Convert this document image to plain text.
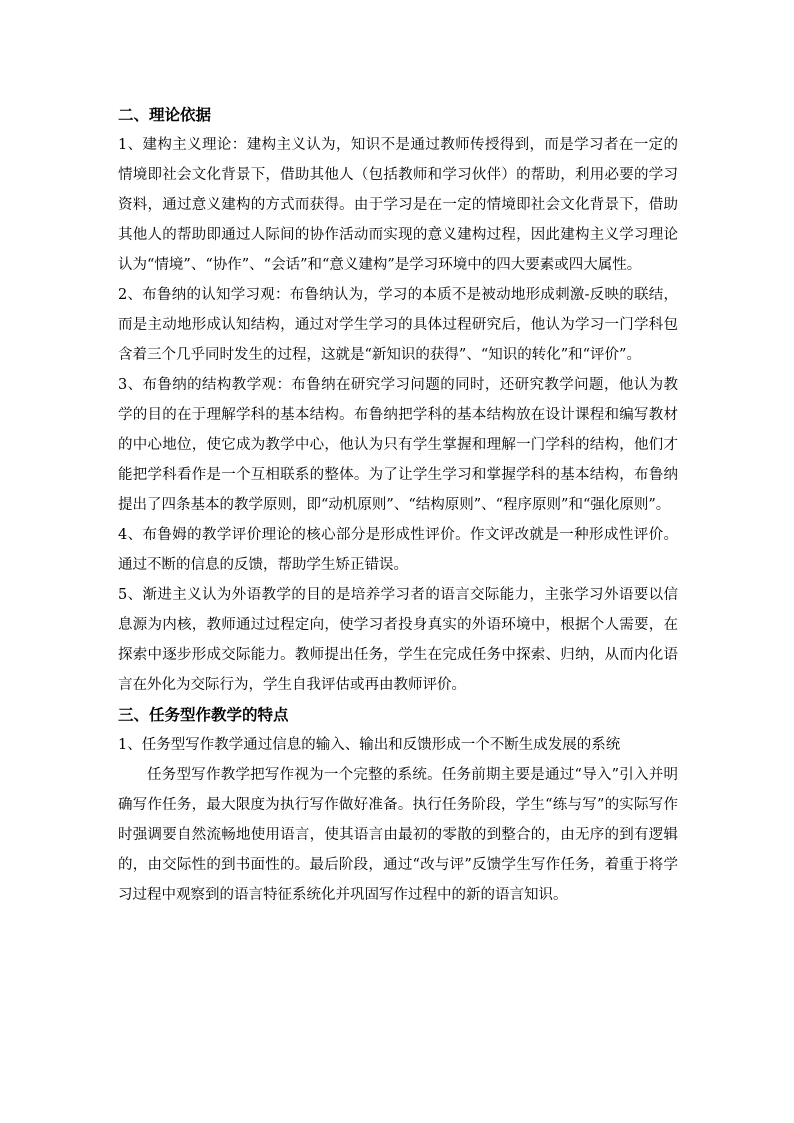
二、理论依据
1、建构主义理论：建构主义认为，知识不是通过教师传授得到，而是学习者在一定的情境即社会文化背景下，借助其他人（包括教师和学习伙伴）的帮助，利用必要的学习资料，通过意义建构的方式而获得。由于学习是在一定的情境即社会文化背景下，借助其他人的帮助即通过人际间的协作活动而实现的意义建构过程，因此建构主义学习理论认为“情境”、“协作”、“会话”和“意义建构”是学习环境中的四大要素或四大属性。
2、布鲁纳的认知学习观：布鲁纳认为，学习的本质不是被动地形成刺激-反映的联结，而是主动地形成认知结构，通过对学生学习的具体过程研究后，他认为学习一门学科包含着三个几乎同时发生的过程，这就是“新知识的获得”、“知识的转化”和“评价”。
3、布鲁纳的结构教学观：布鲁纳在研究学习问题的同时，还研究教学问题，他认为教学的目的在于理解学科的基本结构。布鲁纳把学科的基本结构放在设计课程和编写教材的中心地位，使它成为教学中心，他认为只有学生掌握和理解一门学科的结构，他们才能把学科看作是一个互相联系的整体。为了让学生学习和掌握学科的基本结构，布鲁纳提出了四条基本的教学原则，即“动机原则”、“结构原则”、“程序原则”和“强化原则”。
4、布鲁姆的教学评价理论的核心部分是形成性评价。作文评改就是一种形成性评价。通过不断的信息的反馈，帮助学生矫正错误。
5、渐进主义认为外语教学的目的是培养学习者的语言交际能力，主张学习外语要以信息源为内核，教师通过过程定向，使学习者投身真实的外语环境中，根据个人需要，在探索中逐步形成交际能力。教师提出任务，学生在完成任务中探索、归纳，从而内化语言在外化为交际行为，学生自我评估或再由教师评价。
三、任务型作教学的特点
1、任务型写作教学通过信息的输入、输出和反馈形成一个不断生成发展的系统
任务型写作教学把写作视为一个完整的系统。任务前期主要是通过“导入”引入并明确写作任务，最大限度为执行写作做好准备。执行任务阶段，学生“练与写”的实际写作时强调要自然流畅地使用语言，使其语言由最初的零散的到整合的，由无序的到有逻辑的，由交际性的到书面性的。最后阶段，通过“改与评”反馈学生写作任务，着重于将学习过程中观察到的语言特征系统化并巩固写作过程中的新的语言知识。
